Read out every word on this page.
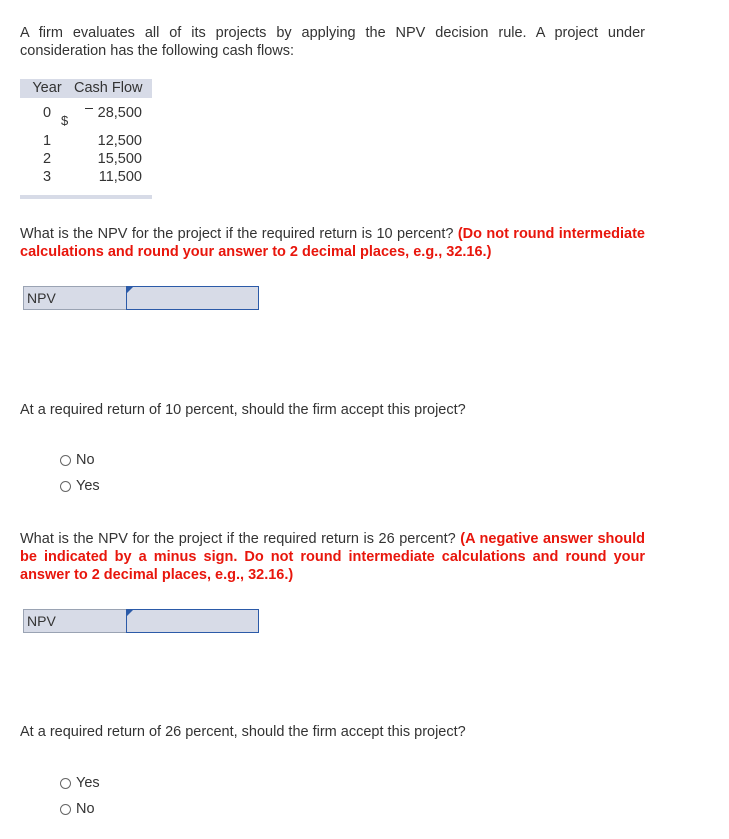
A firm evaluates all of its projects by applying the NPV decision rule. A project under consideration has the following cash flows:
Year Cash Flow
0	28,500
1	12,500
2	15,500
3	11,500
$
What is the NPV for the project if the required return is 10 percent? (Do not round intermediate calculations and round your answer to 2 decimal places, e.g., 32.16.)
NPV
At a required return of 10 percent, should the firm accept this project?
No
Yes
What is the NPV for the project if the required return is 26 percent? (A negative answer should be indicated by a minus sign. Do not round intermediate calculations and round your answer to 2 decimal places, e.g., 32.16.)
NPV
At a required return of 26 percent, should the firm accept this project?
Yes
No
